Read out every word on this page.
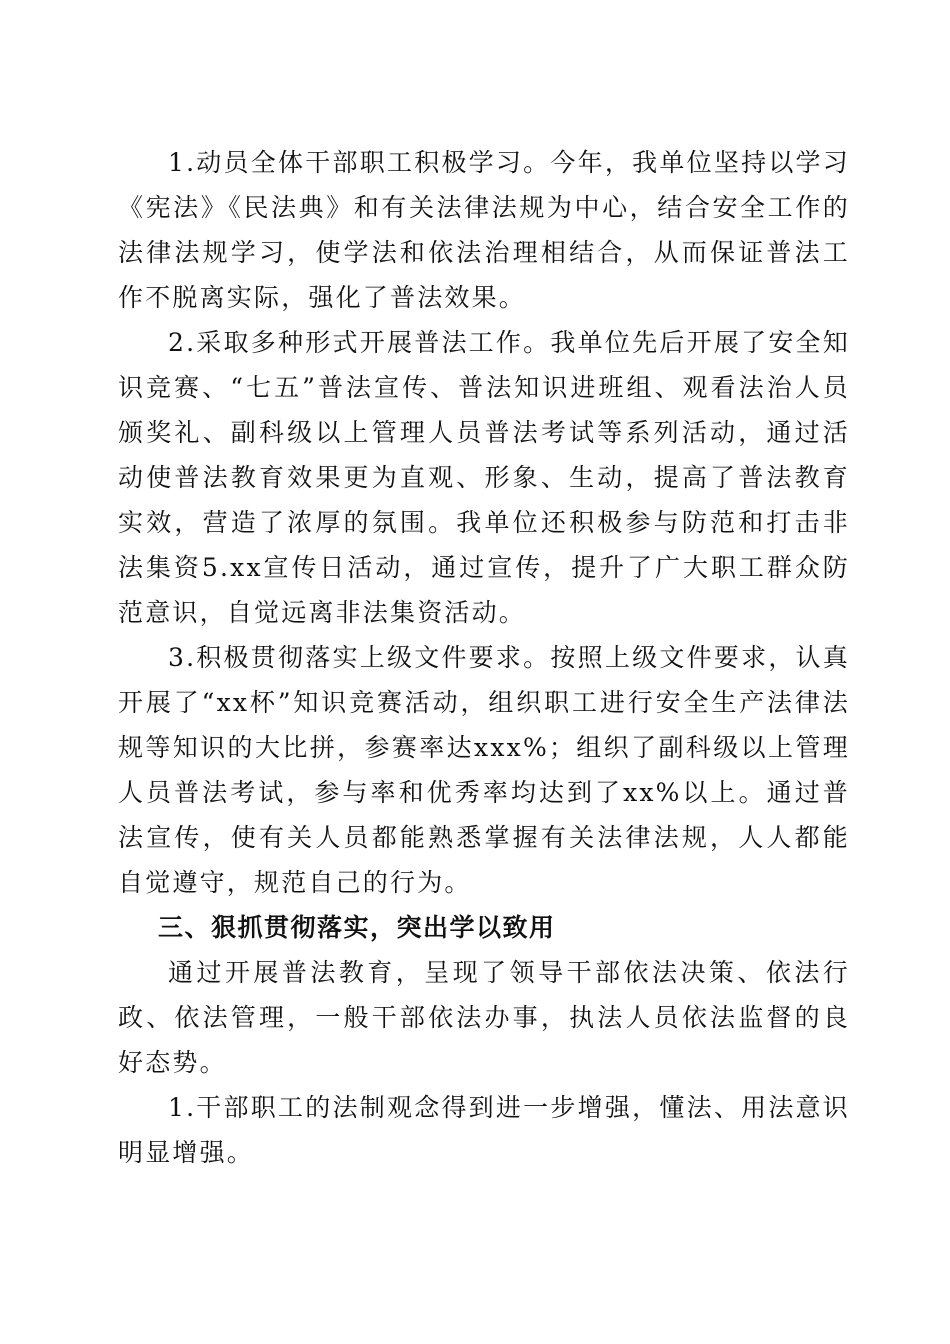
1.动员全体干部职工积极学习。今年，我单位坚持以学习《宪法》《民法典》和有关法律法规为中心，结合安全工作的法律法规学习，使学法和依法治理相结合，从而保证普法工作不脱离实际，强化了普法效果。

2.采取多种形式开展普法工作。我单位先后开展了安全知识竞赛、“七五”普法宣传、普法知识进班组、观看法治人员颁奖礼、副科级以上管理人员普法考试等系列活动，通过活动使普法教育效果更为直观、形象、生动，提高了普法教育实效，营造了浓厚的氛围。我单位还积极参与防范和打击非法集资5.xx宣传日活动，通过宣传，提升了广大职工群众防范意识，自觉远离非法集资活动。

3.积极贯彻落实上级文件要求。按照上级文件要求，认真开展了“xx杯”知识竞赛活动，组织职工进行安全生产法律法规等知识的大比拼，参赛率达xxx%；组织了副科级以上管理人员普法考试，参与率和优秀率均达到了xx%以上。通过普法宣传，使有关人员都能熟悉掌握有关法律法规，人人都能自觉遵守，规范自己的行为。

三、狠抓贯彻落实，突出学以致用

通过开展普法教育，呈现了领导干部依法决策、依法行政、依法管理，一般干部依法办事，执法人员依法监督的良好态势。

1.干部职工的法制观念得到进一步增强，懂法、用法意识明显增强。
